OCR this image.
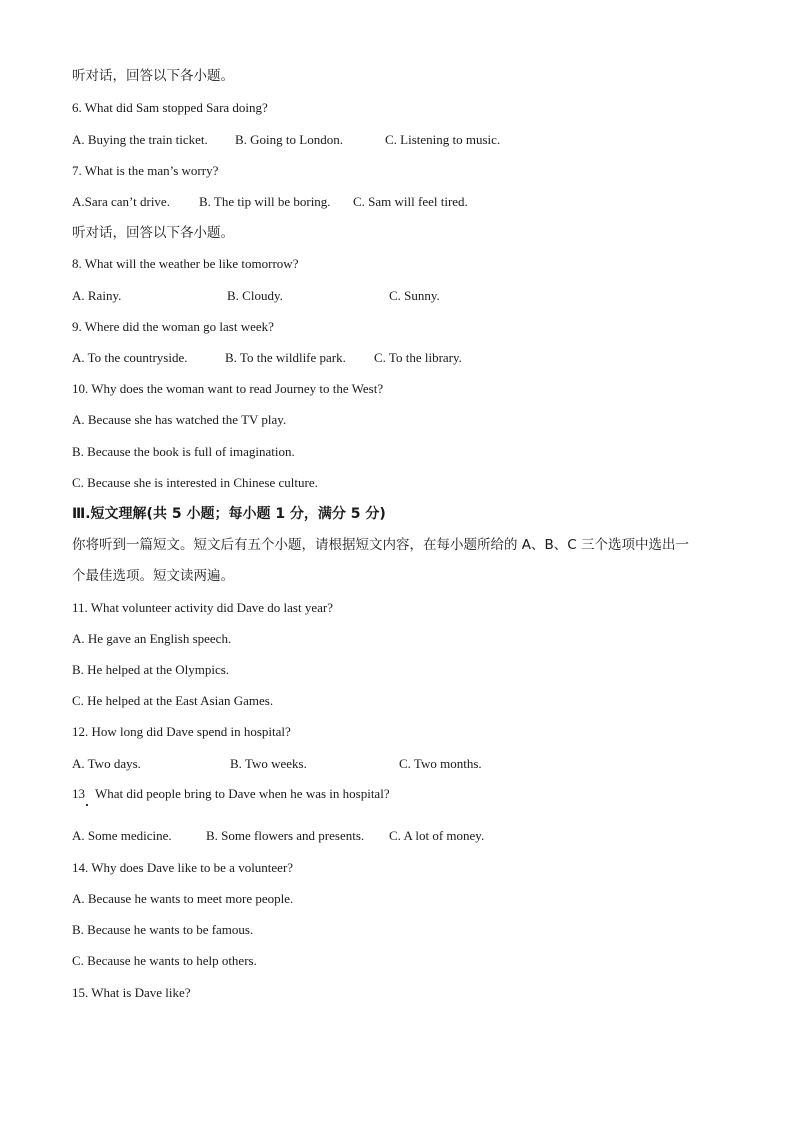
听对话，回答以下各小题。
6. What did Sam stopped Sara doing?
A. Buying the train ticket. B. Going to London.	C. Listening to music.
7. What is the man’s worry?
A.Sara can’t drive. B. The tip will be boring. C. Sam will feel tired.
听对话，回答以下各小题。
8. What will the weather be like tomorrow?
A. Rainy.	B. Cloudy.	C. Sunny.
9. Where did the woman go last week?
A. To the countryside.	B. To the wildlife park. C. To the library.
10. Why does the woman want to read Journey to the West?
A. Because she has watched the TV play.
B. Because the book is full of imagination.
C. Because she is interested in Chinese culture.
Ⅲ.短文理解(共 5 小题；每小题 1 分，满分 5 分)
你将听到一篇短文。短文后有五个小题，请根据短文内容，在每小题所给的 A、B、C 三个选项中选出一
个最佳选项。短文读两遍。
11. What volunteer activity did Dave do last year?
A. He gave an English speech.
B. He helped at the Olympics.
C. He helped at the East Asian Games.
12. How long did Dave spend in hospital?
A. Two days.	B. Two weeks.	C. Two months.
13 What did people bring to Dave when he was in hospital?
A. Some medicine.	B. Some flowers and presents. C. A lot of money.
14. Why does Dave like to be a volunteer?
A. Because he wants to meet more people.
B. Because he wants to be famous.
C. Because he wants to help others.
15. What is Dave like?
